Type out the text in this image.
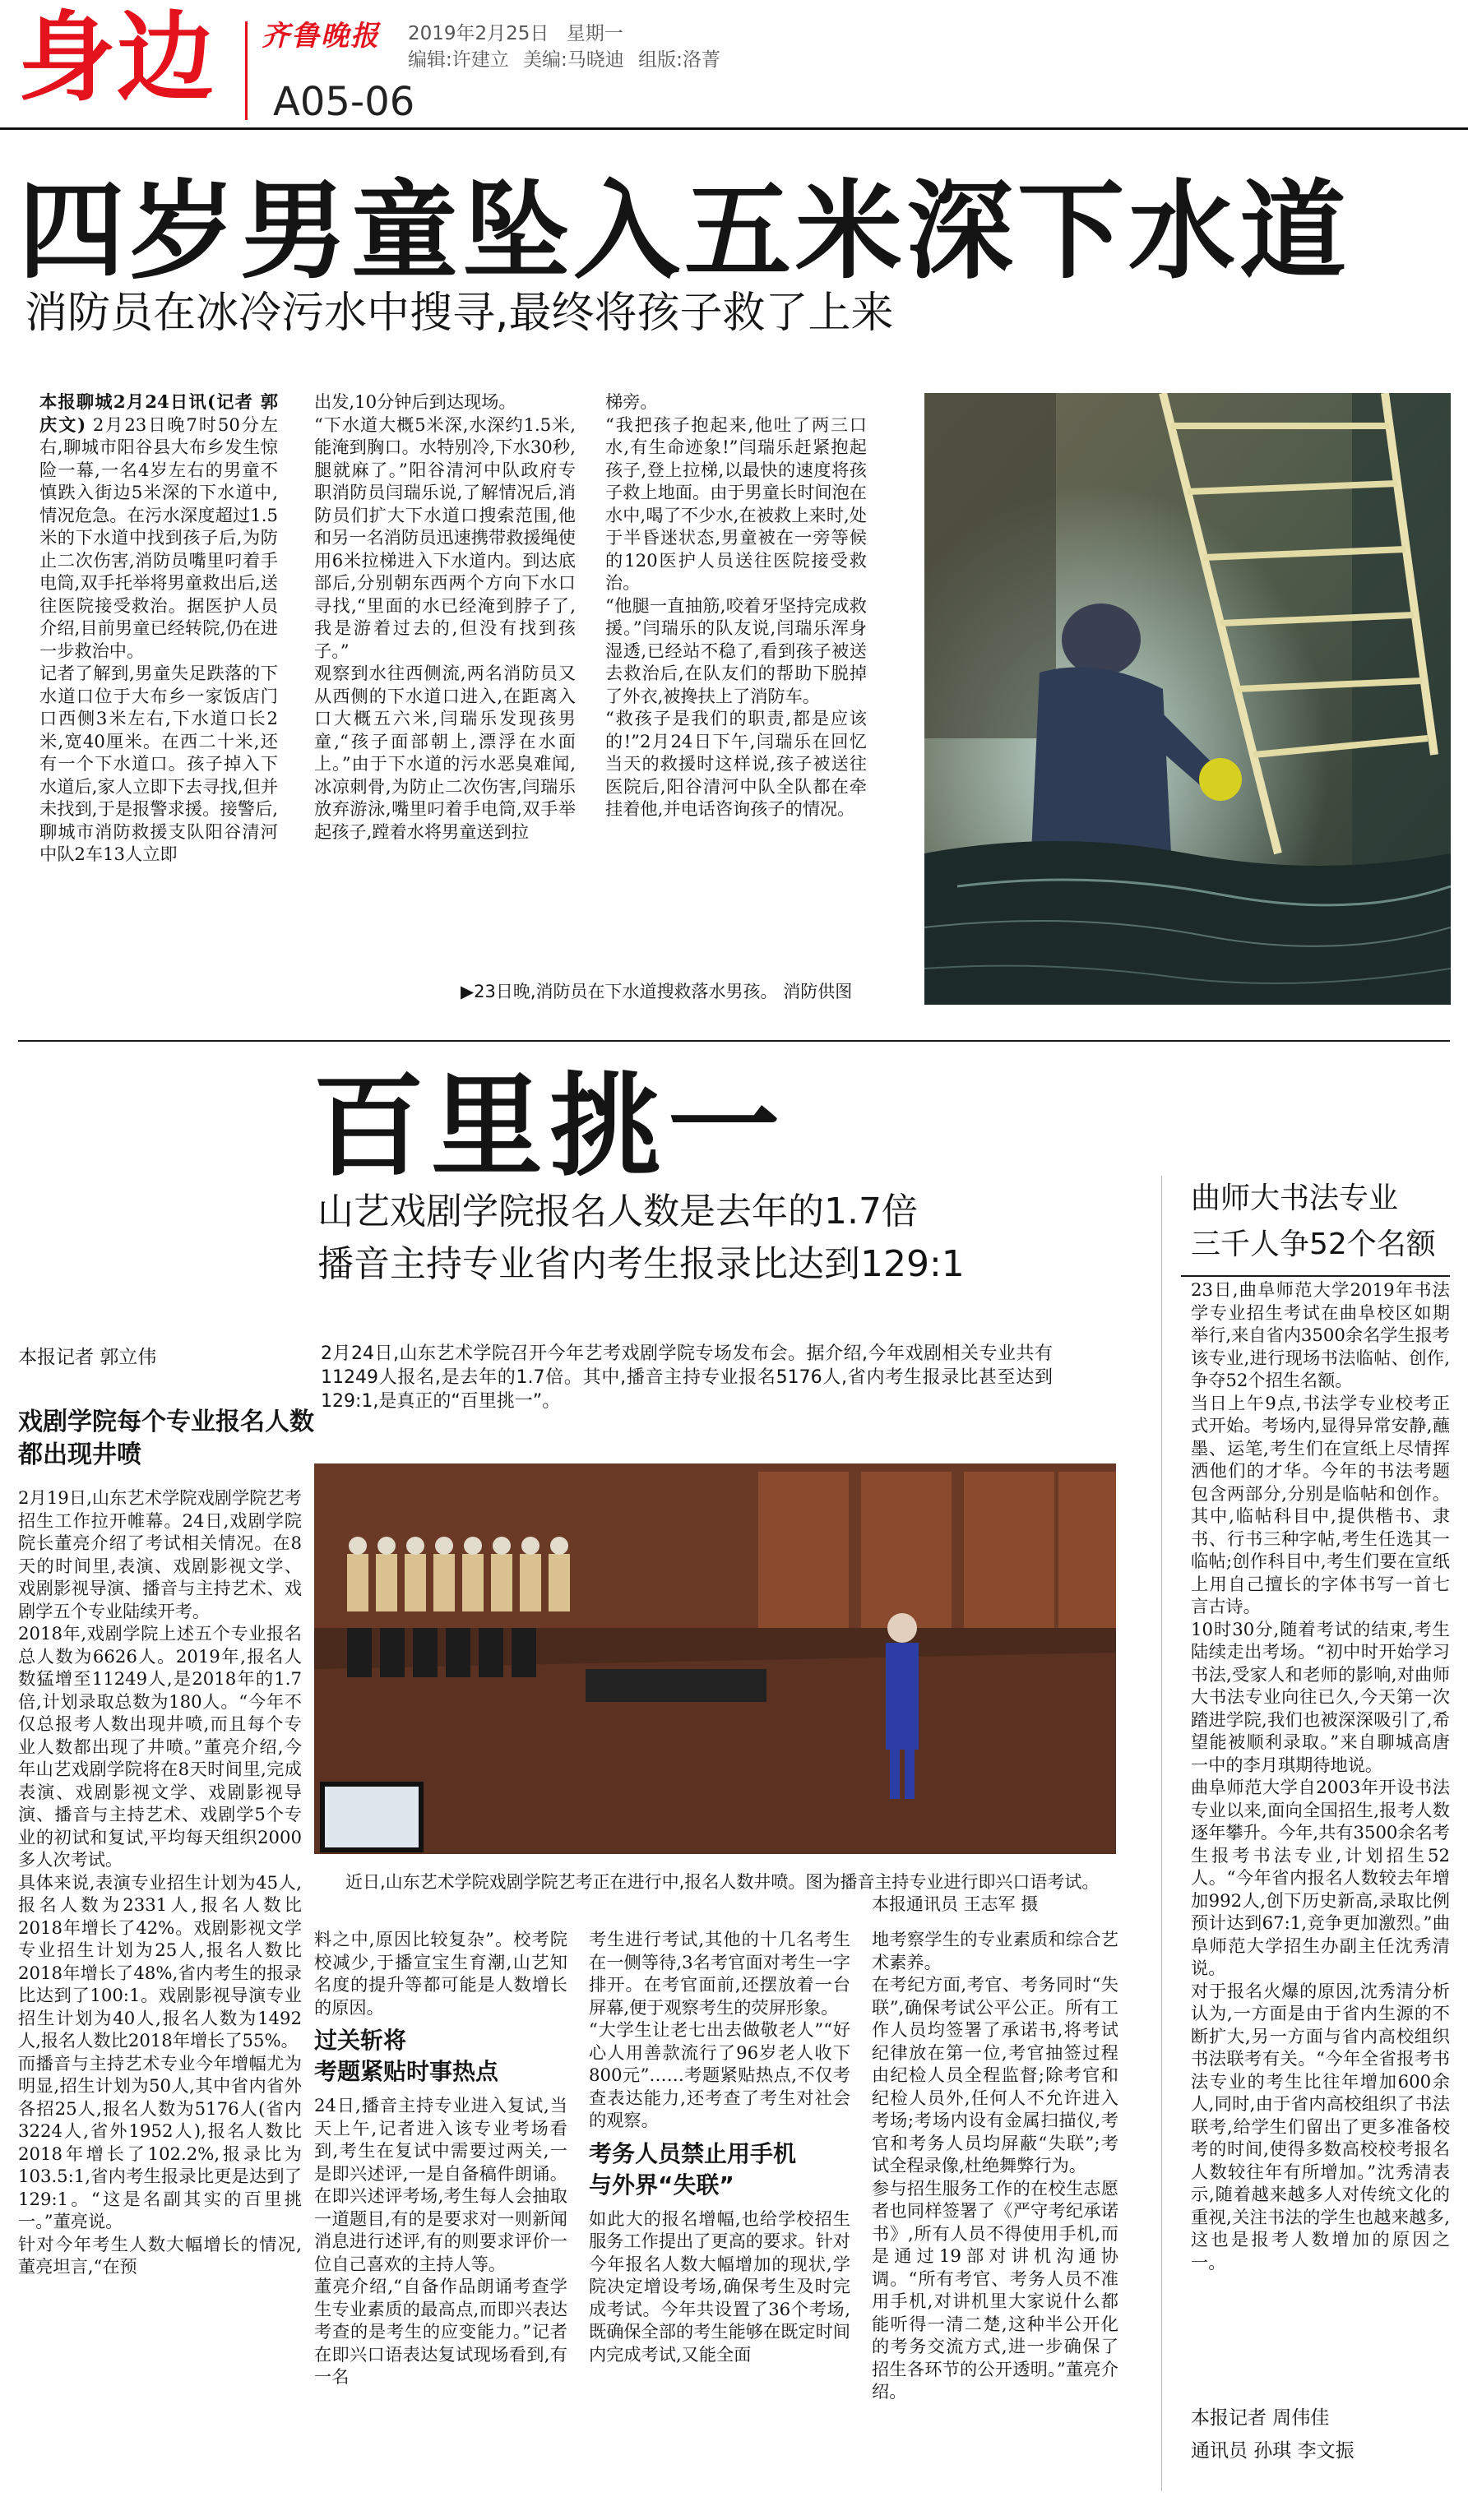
身边 齐鲁晚报 2019年2月25日 星期一
编辑:许建立 美编:马晓迪 组版:洛菁
A05-06
四岁男童坠入五米深下水道
消防员在冰冷污水中搜寻,最终将孩子救了上来
本报聊城2月24日讯(记者 郭庆文) 2月23日晚7时50分左右,聊城市阳谷县大布乡发生惊险一幕,一名4岁左右的男童不慎跌入街边5米深的下水道中,情况危急。在污水深度超过1.5米的下水道中找到孩子后,为防止二次伤害,消防员嘴里叼着手电筒,双手托举将男童救出后,送往医院接受救治。据医护人员介绍,目前男童已经转院,仍在进一步救治中。
记者了解到,男童失足跌落的下水道口位于大布乡一家饭店门口西侧3米左右,下水道口长2米,宽40厘米。在西二十米,还有一个下水道口。孩子掉入下水道后,家人立即下去寻找,但并未找到,于是报警求援。接警后,聊城市消防救援支队阳谷清河中队2车13人立即
出发,10分钟后到达现场。
“下水道大概5米深,水深约1.5米,能淹到胸口。水特别冷,下水30秒,腿就麻了。”阳谷清河中队政府专职消防员闫瑞乐说,了解情况后,消防员们扩大下水道口搜索范围,他和另一名消防员迅速携带救援绳使用6米拉梯进入下水道内。到达底部后,分别朝东西两个方向下水口寻找,“里面的水已经淹到脖子了,我是游着过去的,但没有找到孩子。”
观察到水往西侧流,两名消防员又从西侧的下水道口进入,在距离入口大概五六米,闫瑞乐发现孩男童,“孩子面部朝上,漂浮在水面上。”由于下水道的污水恶臭难闻,冰凉刺骨,为防止二次伤害,闫瑞乐放弃游泳,嘴里叼着手电筒,双手举起孩子,蹚着水将男童送到拉
梯旁。
“我把孩子抱起来,他吐了两三口水,有生命迹象!”闫瑞乐赶紧抱起孩子,登上拉梯,以最快的速度将孩子救上地面。由于男童长时间泡在水中,喝了不少水,在被救上来时,处于半昏迷状态,男童被在一旁等候的120医护人员送往医院接受救治。
“他腿一直抽筋,咬着牙坚持完成救援。”闫瑞乐的队友说,闫瑞乐浑身湿透,已经站不稳了,看到孩子被送去救治后,在队友们的帮助下脱掉了外衣,被搀扶上了消防车。
“救孩子是我们的职责,都是应该的!”2月24日下午,闫瑞乐在回忆当天的救援时这样说,孩子被送往医院后,阳谷清河中队全队都在牵挂着他,并电话咨询孩子的情况。
▶23日晚,消防员在下水道搜救落水男孩。 消防供图
百里挑一
山艺戏剧学院报名人数是去年的1.7倍
播音主持专业省内考生报录比达到129:1
本报记者 郭立伟	2月24日,山东艺术学院召开今年艺考戏剧学院专场发布会。据介绍,今年戏剧相关专业共有11249人报名,是去年的1.7倍。其中,播音主持专业报名5176人,省内考生报录比甚至达到129:1,是真正的“百里挑一”。
近日,山东艺术学院戏剧学院艺考正在进行中,报名人数井喷。图为播音主持专业进行即兴口语考试。
本报通讯员 王志军 摄
戏剧学院每个专业报名人数都出现井喷
2月19日,山东艺术学院戏剧学院艺考招生工作拉开帷幕。24日,戏剧学院院长董亮介绍了考试相关情况。在8天的时间里,表演、戏剧影视文学、戏剧影视导演、播音与主持艺术、戏剧学五个专业陆续开考。
2018年,戏剧学院上述五个专业报名总人数为6626人。2019年,报名人数猛增至11249人,是2018年的1.7倍,计划录取总数为180人。“今年不仅总报考人数出现井喷,而且每个专业人数都出现了井喷。”董亮介绍,今年山艺戏剧学院将在8天时间里,完成表演、戏剧影视文学、戏剧影视导演、播音与主持艺术、戏剧学5个专业的初试和复试,平均每天组织2000多人次考试。
具体来说,表演专业招生计划为45人,报名人数为2331人,报名人数比2018年增长了42%。戏剧影视文学专业招生计划为25人,报名人数比2018年增长了48%,省内考生的报录比达到了100:1。戏剧影视导演专业招生计划为40人,报名人数为1492人,报名人数比2018年增长了55%。
而播音与主持艺术专业今年增幅尤为明显,招生计划为50人,其中省内省外各招25人,报名人数为5176人(省内3224人,省外1952人),报名人数比2018年增长了102.2%,报录比为103.5:1,省内考生报录比更是达到了129:1。“这是名副其实的百里挑一。”董亮说。
针对今年考生人数大幅增长的情况,董亮坦言,“在预
料之中,原因比较复杂”。校考院校减少,于播宣宝生育潮,山艺知名度的提升等都可能是人数增长的原因。
过关斩将
考题紧贴时事热点
24日,播音主持专业进入复试,当天上午,记者进入该专业考场看到,考生在复试中需要过两关,一是即兴述评,一是自备稿件朗诵。在即兴述评考场,考生每人会抽取一道题目,有的是要求对一则新闻消息进行述评,有的则要求评价一位自己喜欢的主持人等。
董亮介绍,“自备作品朗诵考查学生专业素质的最高点,而即兴表达考查的是考生的应变能力。”记者在即兴口语表达复试现场看到,有一名
考生进行考试,其他的十几名考生在一侧等待,3名考官面对考生一字排开。在考官面前,还摆放着一台屏幕,便于观察考生的荧屏形象。
“大学生让老七出去做敬老人”“好心人用善款流行了96岁老人收下800元”……考题紧贴热点,不仅考查表达能力,还考查了考生对社会的观察。
考务人员禁止用手机
与外界“失联”
如此大的报名增幅,也给学校招生服务工作提出了更高的要求。针对今年报名人数大幅增加的现状,学院决定增设考场,确保考生及时完成考试。今年共设置了36个考场,既确保全部的考生能够在既定时间内完成考试,又能全面
地考察学生的专业素质和综合艺术素养。
在考纪方面,考官、考务同时“失联”,确保考试公平公正。所有工作人员均签署了承诺书,将考试纪律放在第一位,考官抽签过程由纪检人员全程监督;除考官和纪检人员外,任何人不允许进入考场;考场内设有金属扫描仪,考官和考务人员均屏蔽“失联”;考试全程录像,杜绝舞弊行为。
参与招生服务工作的在校生志愿者也同样签署了《严守考纪承诺书》,所有人员不得使用手机,而是通过19部对讲机沟通协调。“所有考官、考务人员不准用手机,对讲机里大家说什么都能听得一清二楚,这种半公开化的考务交流方式,进一步确保了招生各环节的公开透明。”董亮介绍。
曲师大书法专业
三千人争52个名额
23日,曲阜师范大学2019年书法学专业招生考试在曲阜校区如期举行,来自省内3500余名学生报考该专业,进行现场书法临帖、创作,争夺52个招生名额。
当日上午9点,书法学专业校考正式开始。考场内,显得异常安静,蘸墨、运笔,考生们在宣纸上尽情挥洒他们的才华。今年的书法考题包含两部分,分别是临帖和创作。其中,临帖科目中,提供楷书、隶书、行书三种字帖,考生任选其一临帖;创作科目中,考生们要在宣纸上用自己擅长的字体书写一首七言古诗。
10时30分,随着考试的结束,考生陆续走出考场。“初中时开始学习书法,受家人和老师的影响,对曲师大书法专业向往已久,今天第一次踏进学院,我们也被深深吸引了,希望能被顺利录取。”来自聊城高唐一中的李月琪期待地说。
曲阜师范大学自2003年开设书法专业以来,面向全国招生,报考人数逐年攀升。今年,共有3500余名考生报考书法专业,计划招生52人。“今年省内报名人数较去年增加992人,创下历史新高,录取比例预计达到67:1,竞争更加激烈。”曲阜师范大学招生办副主任沈秀清说。
对于报名火爆的原因,沈秀清分析认为,一方面是由于省内生源的不断扩大,另一方面与省内高校组织书法联考有关。“今年全省报考书法专业的考生比往年增加600余人,同时,由于省内高校组织了书法联考,给学生们留出了更多准备校考的时间,使得多数高校校考报名人数较往年有所增加。”沈秀清表示,随着越来越多人对传统文化的重视,关注书法的学生也越来越多,这也是报考人数增加的原因之一。
本报记者 周伟佳
通讯员 孙琪 李文振
